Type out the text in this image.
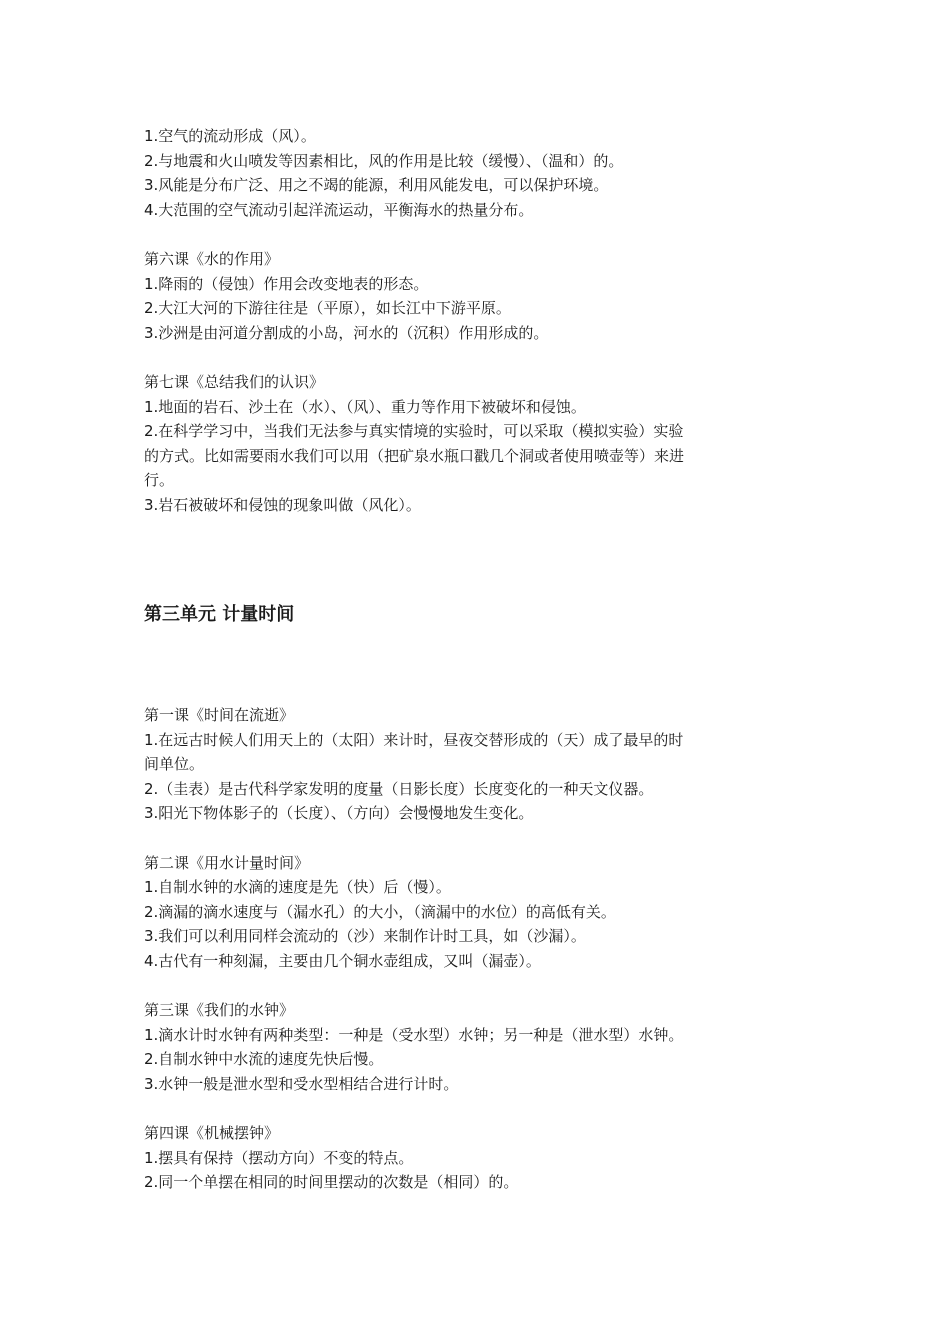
1.空气的流动形成（风）。

2.与地震和火山喷发等因素相比，风的作用是比较（缓慢）、（温和）的。

3.风能是分布广泛、用之不竭的能源，利用风能发电，可以保护环境。

4.大范围的空气流动引起洋流运动，平衡海水的热量分布。

第六课《水的作用》

1.降雨的（侵蚀）作用会改变地表的形态。

2.大江大河的下游往往是（平原），如长江中下游平原。

3.沙洲是由河道分割成的小岛，河水的（沉积）作用形成的。

第七课《总结我们的认识》

1.地面的岩石、沙土在（水）、（风）、重力等作用下被破坏和侵蚀。

2.在科学学习中，当我们无法参与真实情境的实验时，可以采取（模拟实验）实验

的方式。比如需要雨水我们可以用（把矿泉水瓶口戳几个洞或者使用喷壶等）来进

行。

3.岩石被破坏和侵蚀的现象叫做（风化）。

第三单元 计量时间

第一课《时间在流逝》

1.在远古时候人们用天上的（太阳）来计时，昼夜交替形成的（天）成了最早的时

间单位。

2.（圭表）是古代科学家发明的度量（日影长度）长度变化的一种天文仪器。

3.阳光下物体影子的（长度）、（方向）会慢慢地发生变化。

第二课《用水计量时间》

1.自制水钟的水滴的速度是先（快）后（慢）。

2.滴漏的滴水速度与（漏水孔）的大小，（滴漏中的水位）的高低有关。

3.我们可以利用同样会流动的（沙）来制作计时工具，如（沙漏）。

4.古代有一种刻漏，主要由几个铜水壶组成，又叫（漏壶）。

第三课《我们的水钟》

1.滴水计时水钟有两种类型：一种是（受水型）水钟；另一种是（泄水型）水钟。

2.自制水钟中水流的速度先快后慢。

3.水钟一般是泄水型和受水型相结合进行计时。

第四课《机械摆钟》

1.摆具有保持（摆动方向）不变的特点。

2.同一个单摆在相同的时间里摆动的次数是（相同）的。
